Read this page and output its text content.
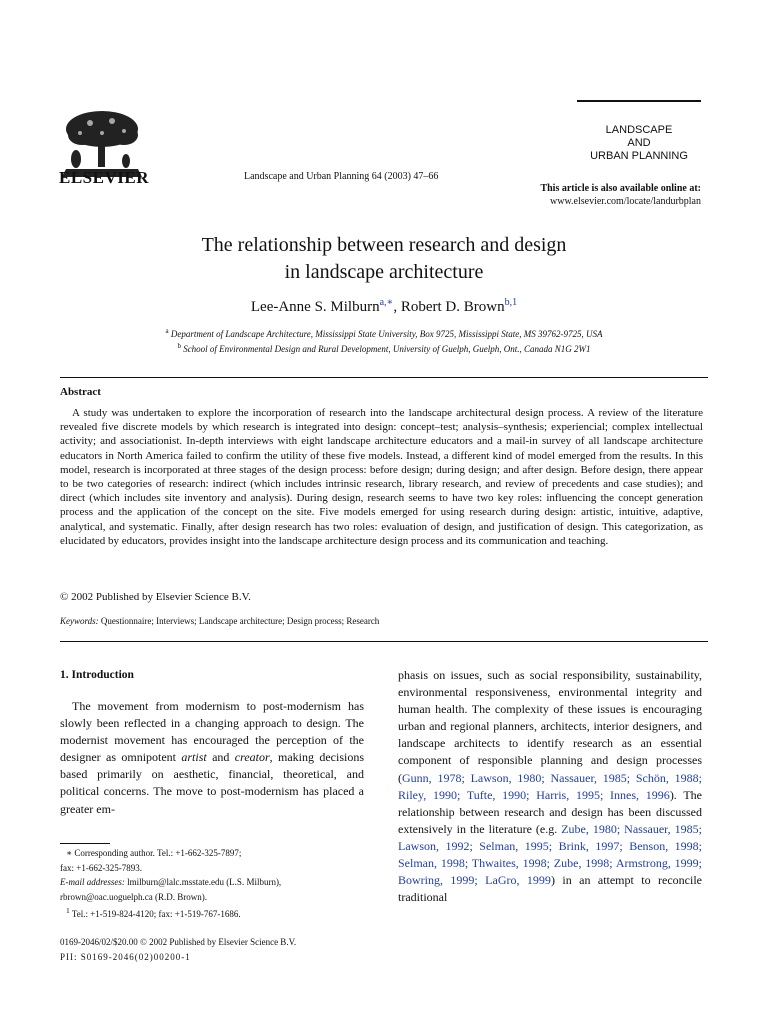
ELSEVIER	Landscape and Urban Planning 64 (2003) 47–66
LANDSCAPE
AND
URBAN PLANNING
This article is also available online at:
www.elsevier.com/locate/landurbplan
The relationship between research and design
in landscape architecture
Lee-Anne S. Milburn$^{a,∗}$, Robert D. Brown$^{b,1}$
$^a$ Department of Landscape Architecture, Mississippi State University, Box 9725, Mississippi State, MS 39762-9725, USA
$^b$ School of Environmental Design and Rural Development, University of Guelph, Guelph, Ont., Canada N1G 2W1
Abstract
A study was undertaken to explore the incorporation of research into the landscape architectural design process. A review of the literature revealed five discrete models by which research is integrated into design: concept–test; analysis–synthesis; experiencial; complex intellectual activity; and associationist. In-depth interviews with eight landscape architecture educators and a mail-in survey of all landscape architecture educators in North America failed to confirm the utility of these five models. Instead, a different kind of model emerged from the results. In this model, research is incorporated at three stages of the design process: before design; during design; and after design. Before design, there appear to be two categories of research: indirect (which includes intrinsic research, library research, and review of precedents and case studies); and direct (which includes site inventory and analysis). During design, research seems to have two key roles: influencing the concept generation process and the application of the concept on the site. Five models emerged for using research during design: artistic, intuitive, adaptive, analytical, and systematic. Finally, after design research has two roles: evaluation of design, and justification of design. This categorization, as elucidated by educators, provides insight into the landscape architecture design process and its communication and teaching.
© 2002 Published by Elsevier Science B.V.
Keywords: Questionnaire; Interviews; Landscape architecture; Design process; Research
1. Introduction
The movement from modernism to post-modernism has slowly been reflected in a changing approach to design. The modernist movement has encouraged the perception of the designer as omnipotent artist and creator, making decisions based primarily on aesthetic, financial, theoretical, and political concerns. The move to post-modernism has placed a greater em-
phasis on issues, such as social responsibility, sustainability, environmental responsiveness, environmental integrity and human health. The complexity of these issues is encouraging urban and regional planners, architects, interior designers, and landscape architects to identify research as an essential component of responsible planning and design processes (Gunn, 1978; Lawson, 1980; Nassauer, 1985; Schön, 1988; Riley, 1990; Tufte, 1990; Harris, 1995; Innes, 1996). The relationship between research and design has been discussed extensively in the literature (e.g. Zube, 1980; Nassauer, 1985; Lawson, 1992; Selman, 1995; Brink, 1997; Benson, 1998; Selman, 1998; Thwaites, 1998; Zube, 1998; Armstrong, 1999; Bowring, 1999; LaGro, 1999) in an attempt to reconcile traditional
∗ Corresponding author. Tel.: +1-662-325-7897;
fax: +1-662-325-7893.
E-mail addresses: lmilburn@lalc.msstate.edu (L.S. Milburn),
rbrown@oac.uoguelph.ca (R.D. Brown).
$^1$ Tel.: +1-519-824-4120; fax: +1-519-767-1686.
0169-2046/02/$20.00 © 2002 Published by Elsevier Science B.V.
PII: S0169-2046(02)00200-1
